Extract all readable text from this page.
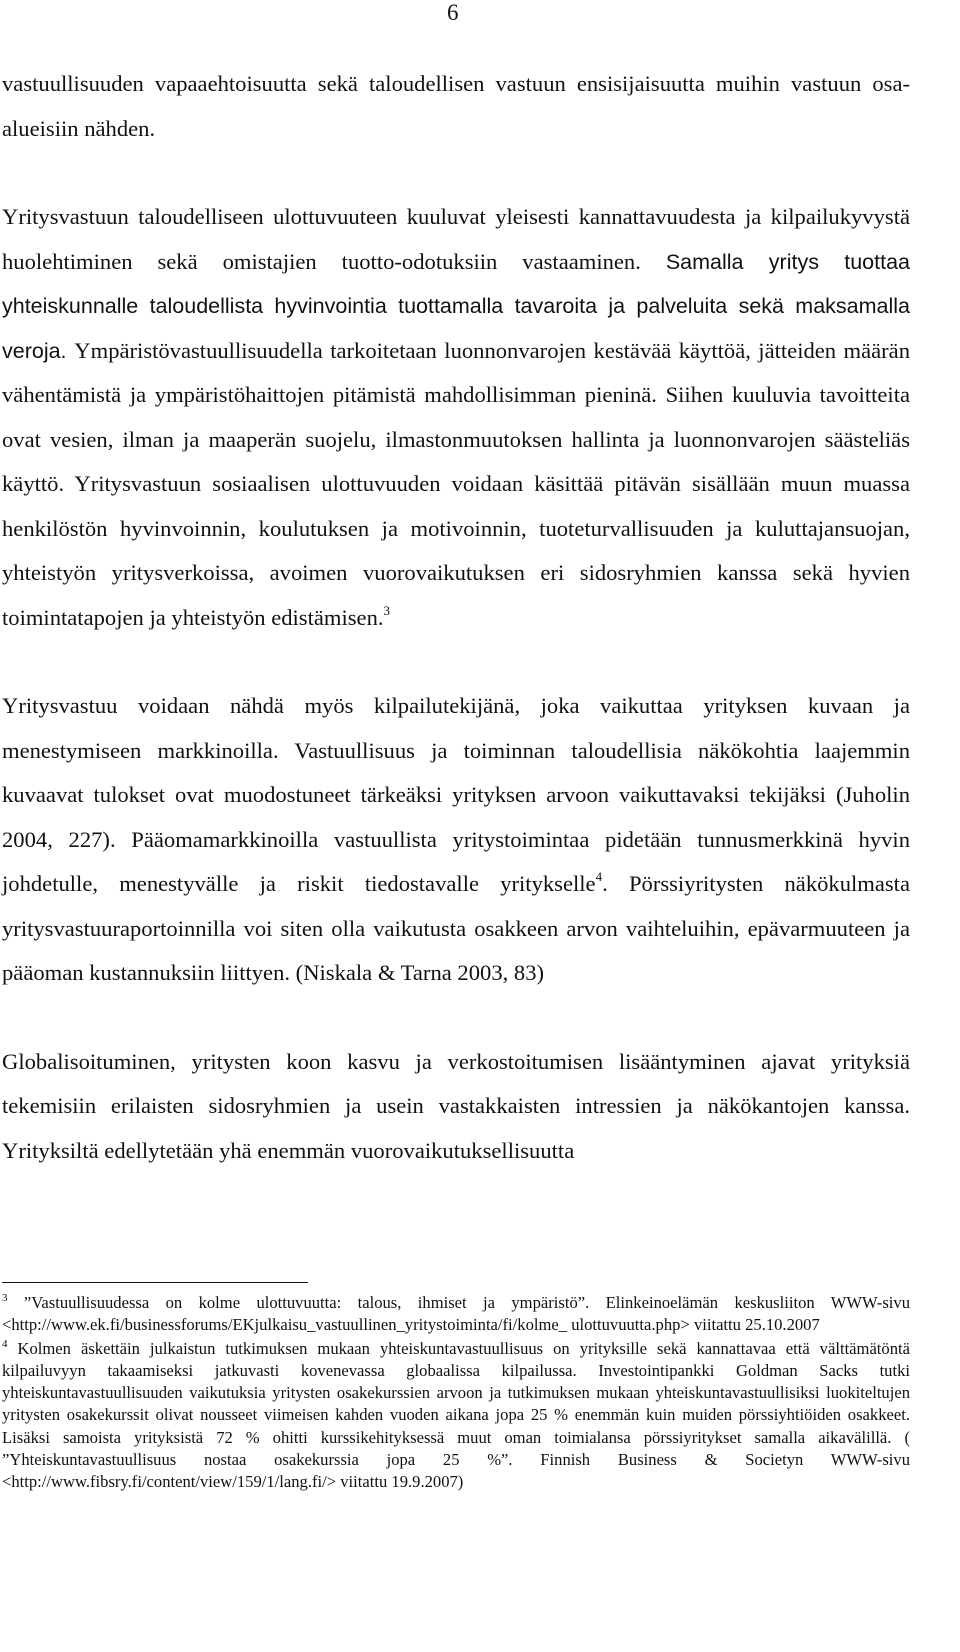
6

vastuullisuuden vapaaehtoisuutta sekä taloudellisen vastuun ensisijaisuutta muihin vastuun osa-alueisiin nähden.

Yritysvastuun taloudelliseen ulottuvuuteen kuuluvat yleisesti kannattavuudesta ja kilpailukyvystä huolehtiminen sekä omistajien tuotto-odotuksiin vastaaminen. Samalla yritys tuottaa yhteiskunnalle taloudellista hyvinvointia tuottamalla tavaroita ja palveluita sekä maksamalla veroja. Ympäristövastuullisuudella tarkoitetaan luonnonvarojen kestävää käyttöä, jätteiden määrän vähentämistä ja ympäristöhaittojen pitämistä mahdollisimman pieninä. Siihen kuuluvia tavoitteita ovat vesien, ilman ja maaperän suojelu, ilmastonmuutoksen hallinta ja luonnonvarojen säästeliäs käyttö. Yritysvastuun sosiaalisen ulottuvuuden voidaan käsittää pitävän sisällään muun muassa henkilöstön hyvinvoinnin, koulutuksen ja motivoinnin, tuoteturvallisuuden ja kuluttajansuojan, yhteistyön yritysverkoissa, avoimen vuorovaikutuksen eri sidosryhmien kanssa sekä hyvien toimintatapojen ja yhteistyön edistämisen.$^3$

Yritysvastuu voidaan nähdä myös kilpailutekijänä, joka vaikuttaa yrityksen kuvaan ja menestymiseen markkinoilla. Vastuullisuus ja toiminnan taloudellisia näkökohtia laajemmin kuvaavat tulokset ovat muodostuneet tärkeäksi yrityksen arvoon vaikuttavaksi tekijäksi (Juholin 2004, 227). Pääomamarkkinoilla vastuullista yritystoimintaa pidetään tunnusmerkkinä hyvin johdetulle, menestyvälle ja riskit tiedostavalle yritykselle$^4$. Pörssiyritysten näkökulmasta yritysvastuuraportoinnilla voi siten olla vaikutusta osakkeen arvon vaihteluihin, epävarmuuteen ja pääoman kustannuksiin liittyen. (Niskala & Tarna 2003, 83)

Globalisoituminen, yritysten koon kasvu ja verkostoitumisen lisääntyminen ajavat yrityksiä tekemisiin erilaisten sidosryhmien ja usein vastakkaisten intressien ja näkökantojen kanssa. Yrityksiltä edellytetään yhä enemmän vuorovaikutuksellisuutta

$^3$ ”Vastuullisuudessa on kolme ulottuvuutta: talous, ihmiset ja ympäristö”. Elinkeinoelämän keskusliiton WWW-sivu <http://www.ek.fi/businessforums/EKjulkaisu_vastuullinen_yritystoiminta/fi/kolme_ ulottuvuutta.php> viitattu 25.10.2007

$^4$ Kolmen äskettäin julkaistun tutkimuksen mukaan yhteiskuntavastuullisuus on yrityksille sekä kannattavaa että välttämätöntä kilpailuvyyn takaamiseksi jatkuvasti kovenevassa globaalissa kilpailussa. Investointipankki Goldman Sacks tutki yhteiskuntavastuullisuuden vaikutuksia yritysten osakekurssien arvoon ja tutkimuksen mukaan yhteiskuntavastuullisiksi luokiteltujen yritysten osakekurssit olivat nousseet viimeisen kahden vuoden aikana jopa 25 % enemmän kuin muiden pörssiyhtiöiden osakkeet. Lisäksi samoista yrityksistä 72 % ohitti kurssikehityksessä muut oman toimialansa pörssiyritykset samalla aikavälillä. ( ”Yhteiskuntavastuullisuus nostaa osakekurssia jopa 25 %”. Finnish Business & Societyn WWW-sivu <http://www.fibsry.fi/content/view/159/1/lang.fi/> viitattu 19.9.2007)
